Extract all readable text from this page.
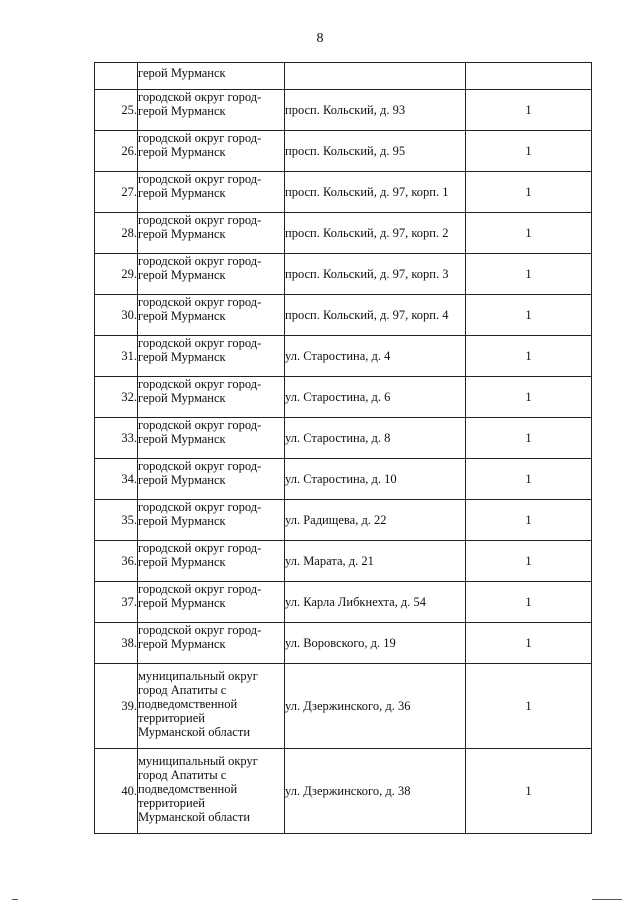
8
	герой Мурманск		
25.	городской округ город-
герой Мурманск	просп. Кольский, д. 93	1
26.	городской округ город-
герой Мурманск	просп. Кольский, д. 95	1
27.	городской округ город-
герой Мурманск	просп. Кольский, д. 97, корп. 1	1
28.	городской округ город-
герой Мурманск	просп. Кольский, д. 97, корп. 2	1
29.	городской округ город-
герой Мурманск	просп. Кольский, д. 97, корп. 3	1
30.	городской округ город-
герой Мурманск	просп. Кольский, д. 97, корп. 4	1
31.	городской округ город-
герой Мурманск	ул. Старостина, д. 4	1
32.	городской округ город-
герой Мурманск	ул. Старостина, д. 6	1
33.	городской округ город-
герой Мурманск	ул. Старостина, д. 8	1
34.	городской округ город-
герой Мурманск	ул. Старостина, д. 10	1
35.	городской округ город-
герой Мурманск	ул. Радищева, д. 22	1
36.	городской округ город-
герой Мурманск	ул. Марата, д. 21	1
37.	городской округ город-
герой Мурманск	ул. Карла Либкнехта, д. 54	1
38.	городской округ город-
герой Мурманск	ул. Воровского, д. 19	1
39.	муниципальный округ
город Апатиты с
подведомственной
территорией
Мурманской области	ул. Дзержинского, д. 36	1
40.	муниципальный округ
город Апатиты с
подведомственной
территорией
Мурманской области	ул. Дзержинского, д. 38	1
